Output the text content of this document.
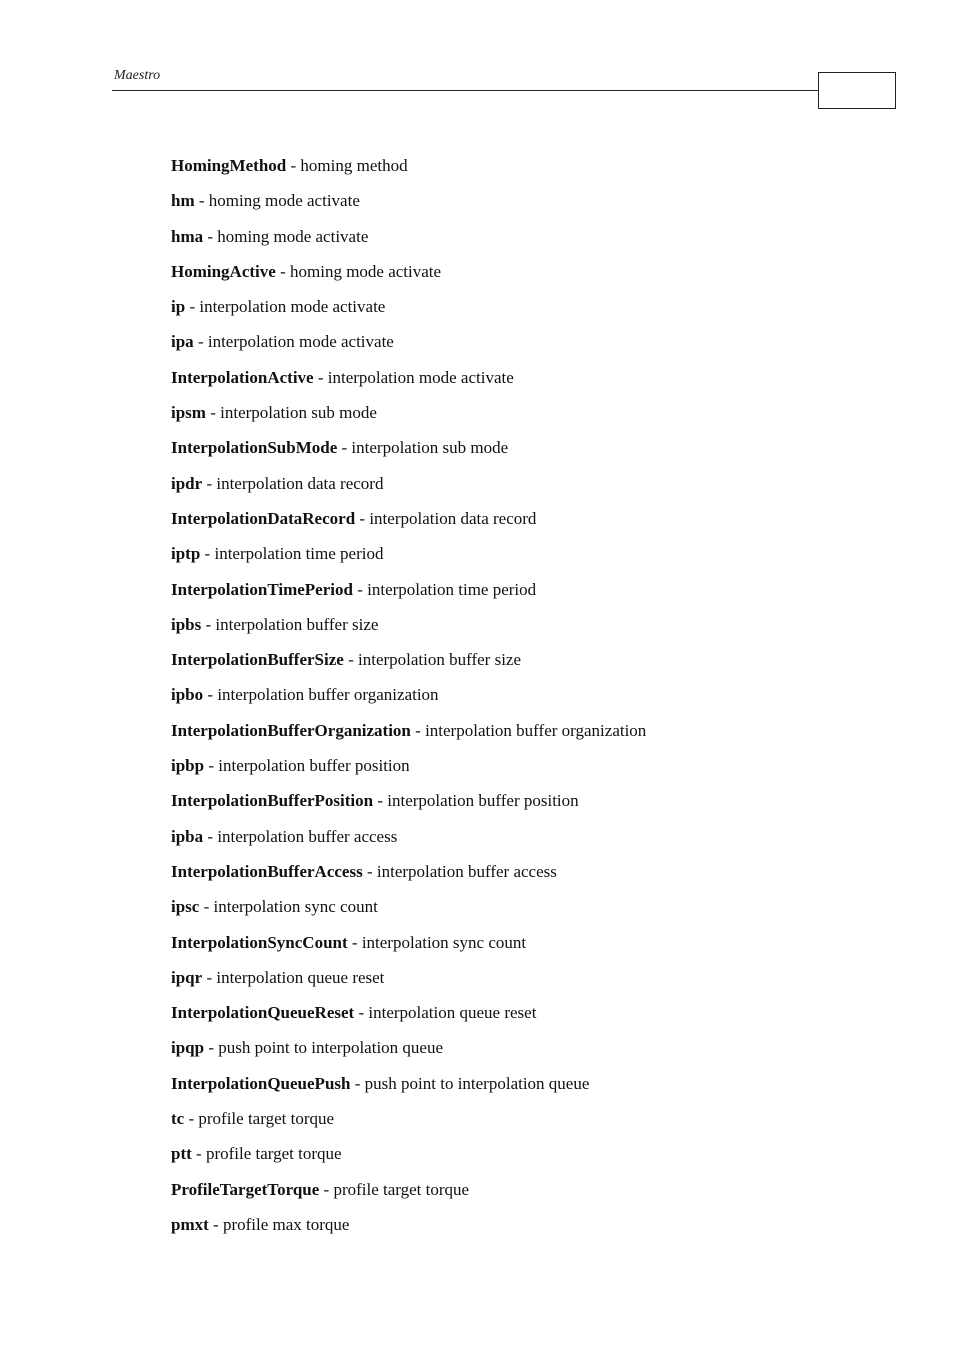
Maestro
HomingMethod - homing method
hm - homing mode activate
hma - homing mode activate
HomingActive - homing mode activate
ip - interpolation mode activate
ipa - interpolation mode activate
InterpolationActive - interpolation mode activate
ipsm - interpolation sub mode
InterpolationSubMode - interpolation sub mode
ipdr - interpolation data record
InterpolationDataRecord - interpolation data record
iptp - interpolation time period
InterpolationTimePeriod - interpolation time period
ipbs - interpolation buffer size
InterpolationBufferSize - interpolation buffer size
ipbo - interpolation buffer organization
InterpolationBufferOrganization - interpolation buffer organization
ipbp - interpolation buffer position
InterpolationBufferPosition - interpolation buffer position
ipba - interpolation buffer access
InterpolationBufferAccess - interpolation buffer access
ipsc - interpolation sync count
InterpolationSyncCount - interpolation sync count
ipqr - interpolation queue reset
InterpolationQueueReset - interpolation queue reset
ipqp - push point to interpolation queue
InterpolationQueuePush - push point to interpolation queue
tc - profile target torque
ptt - profile target torque
ProfileTargetTorque - profile target torque
pmxt - profile max torque
